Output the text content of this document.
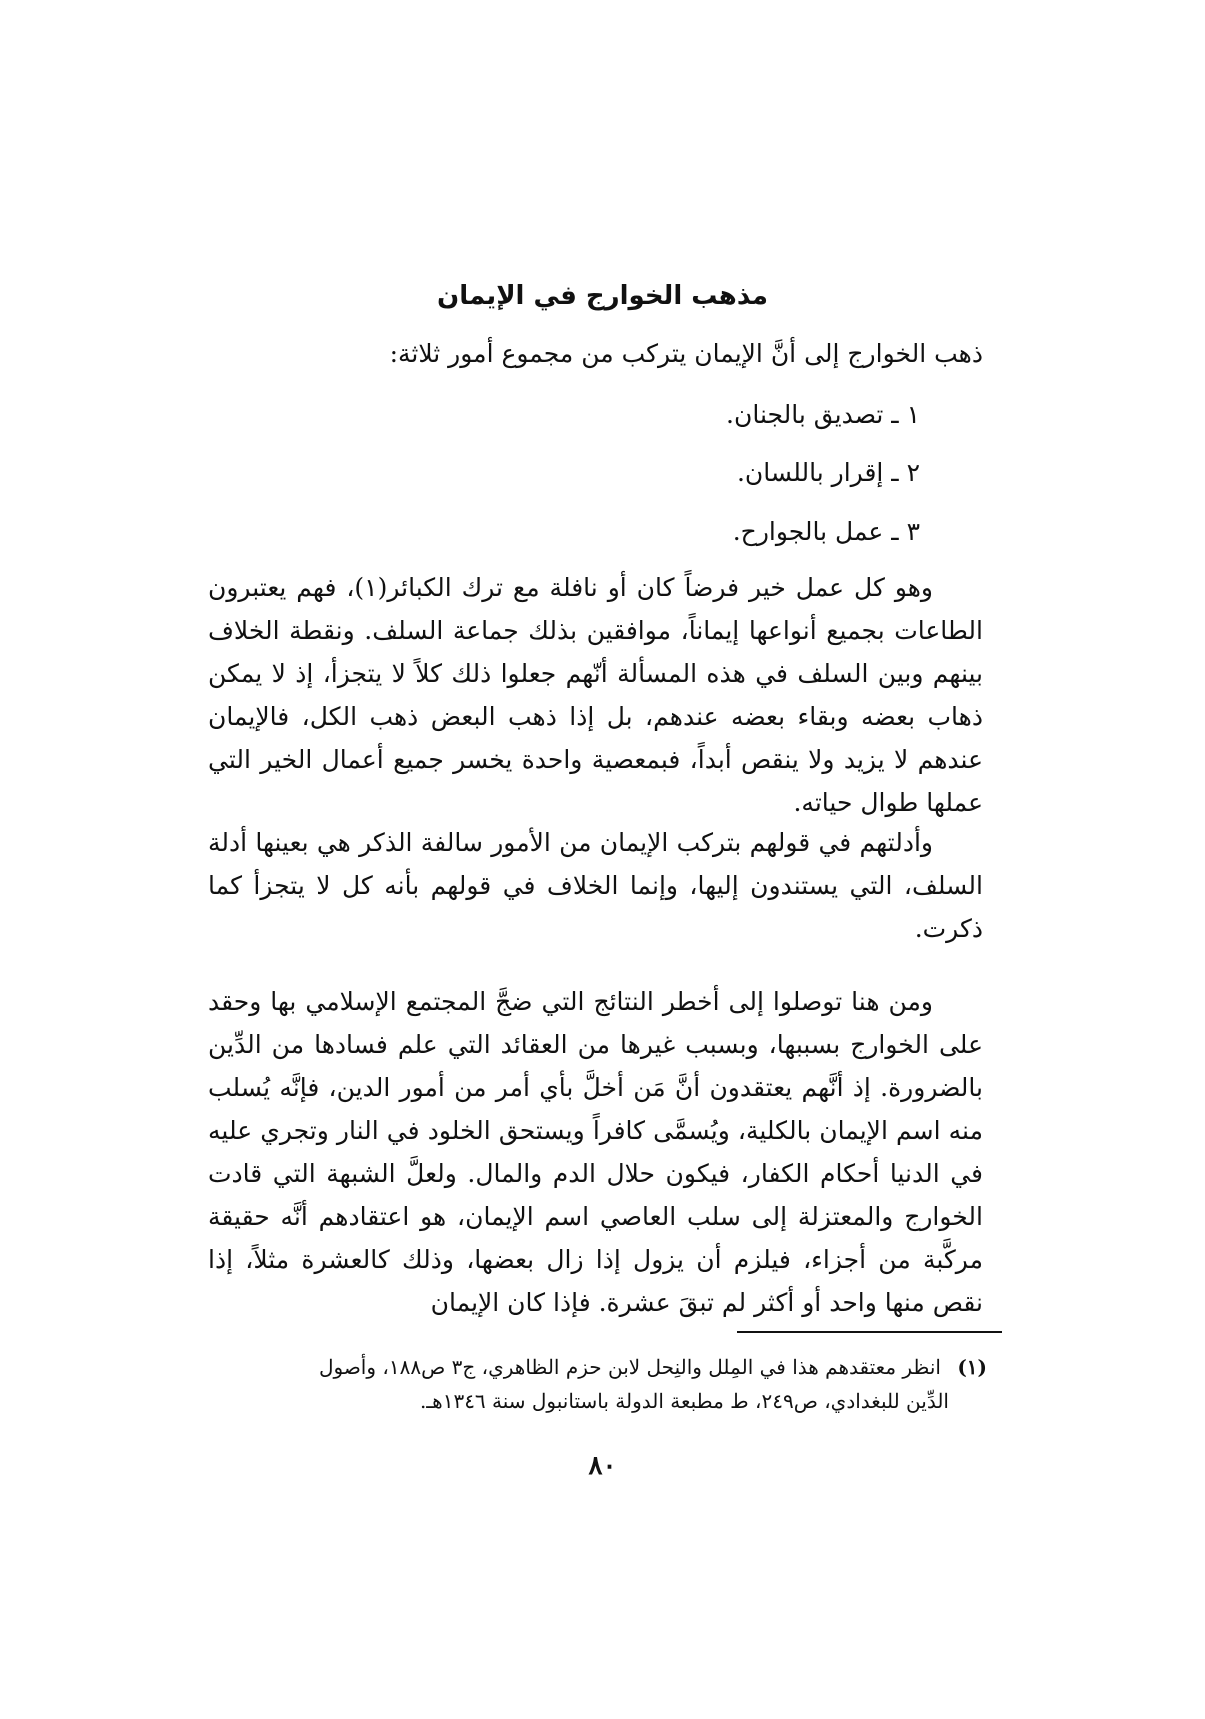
مذهب الخوارج في الإيمان
ذهب الخوارج إلى أنَّ الإيمان يتركب من مجموع أمور ثلاثة:
١ ـ تصديق بالجنان.
٢ ـ إقرار باللسان.
٣ ـ عمل بالجوارح.
وهو كل عمل خير فرضاً كان أو نافلة مع ترك الكبائر(١)، فهم يعتبرون الطاعات بجميع أنواعها إيماناً، موافقين بذلك جماعة السلف. ونقطة الخلاف بينهم وبين السلف في هذه المسألة أنّهم جعلوا ذلك كلاً لا يتجزأ، إذ لا يمكن ذهاب بعضه وبقاء بعضه عندهم، بل إذا ذهب البعض ذهب الكل، فالإيمان عندهم لا يزيد ولا ينقص أبداً، فبمعصية واحدة يخسر جميع أعمال الخير التي عملها طوال حياته.
وأدلتهم في قولهم بتركب الإيمان من الأمور سالفة الذكر هي بعينها أدلة السلف، التي يستندون إليها، وإنما الخلاف في قولهم بأنه كل لا يتجزأ كما ذكرت.
ومن هنا توصلوا إلى أخطر النتائج التي ضجَّ المجتمع الإسلامي بها وحقد على الخوارج بسببها، وبسبب غيرها من العقائد التي علم فسادها من الدِّين بالضرورة. إذ أنَّهم يعتقدون أنَّ مَن أخلَّ بأي أمر من أمور الدين، فإنَّه يُسلب منه اسم الإيمان بالكلية، ويُسمَّى كافراً ويستحق الخلود في النار وتجري عليه في الدنيا أحكام الكفار، فيكون حلال الدم والمال. ولعلَّ الشبهة التي قادت الخوارج والمعتزلة إلى سلب العاصي اسم الإيمان، هو اعتقادهم أنَّه حقيقة مركَّبة من أجزاء، فيلزم أن يزول إذا زال بعضها، وذلك كالعشرة مثلاً، إذا نقص منها واحد أو أكثر لم تبقَ عشرة. فإذا كان الإيمان
(١) انظر معتقدهم هذا في المِلل والنِحل لابن حزم الظاهري، ج٣ ص١٨٨، وأصول
الدِّين للبغدادي، ص٢٤٩، ط مطبعة الدولة باستانبول سنة ١٣٤٦هـ.
٨٠
